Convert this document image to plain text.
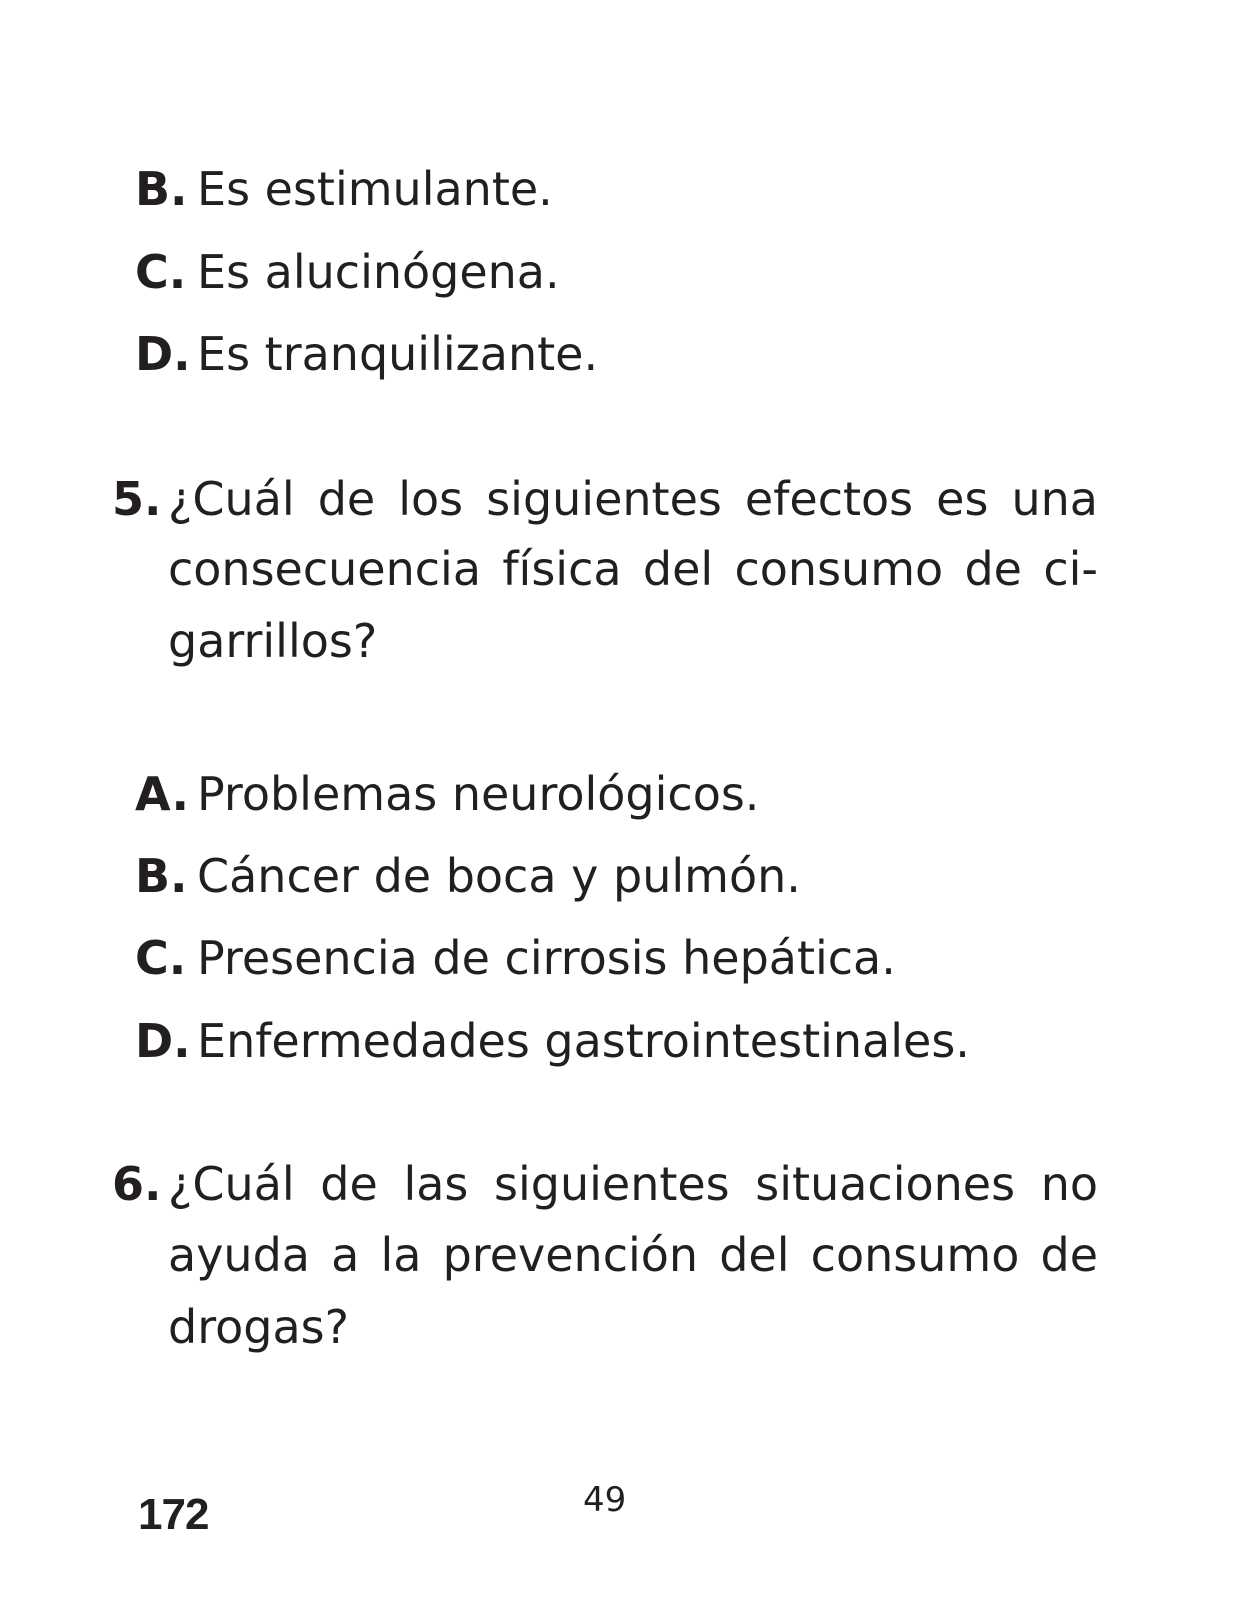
B. Es estimulante.
C. Es alucinógena.
D. Es tranquilizante.
5. ¿Cuál de los siguientes efectos es una
consecuencia física del consumo de ci-
garrillos?
A. Problemas neurológicos.
B. Cáncer de boca y pulmón.
C. Presencia de cirrosis hepática.
D. Enfermedades gastrointestinales.
6. ¿Cuál de las siguientes situaciones no
ayuda a la prevención del consumo de
drogas?
172	49
